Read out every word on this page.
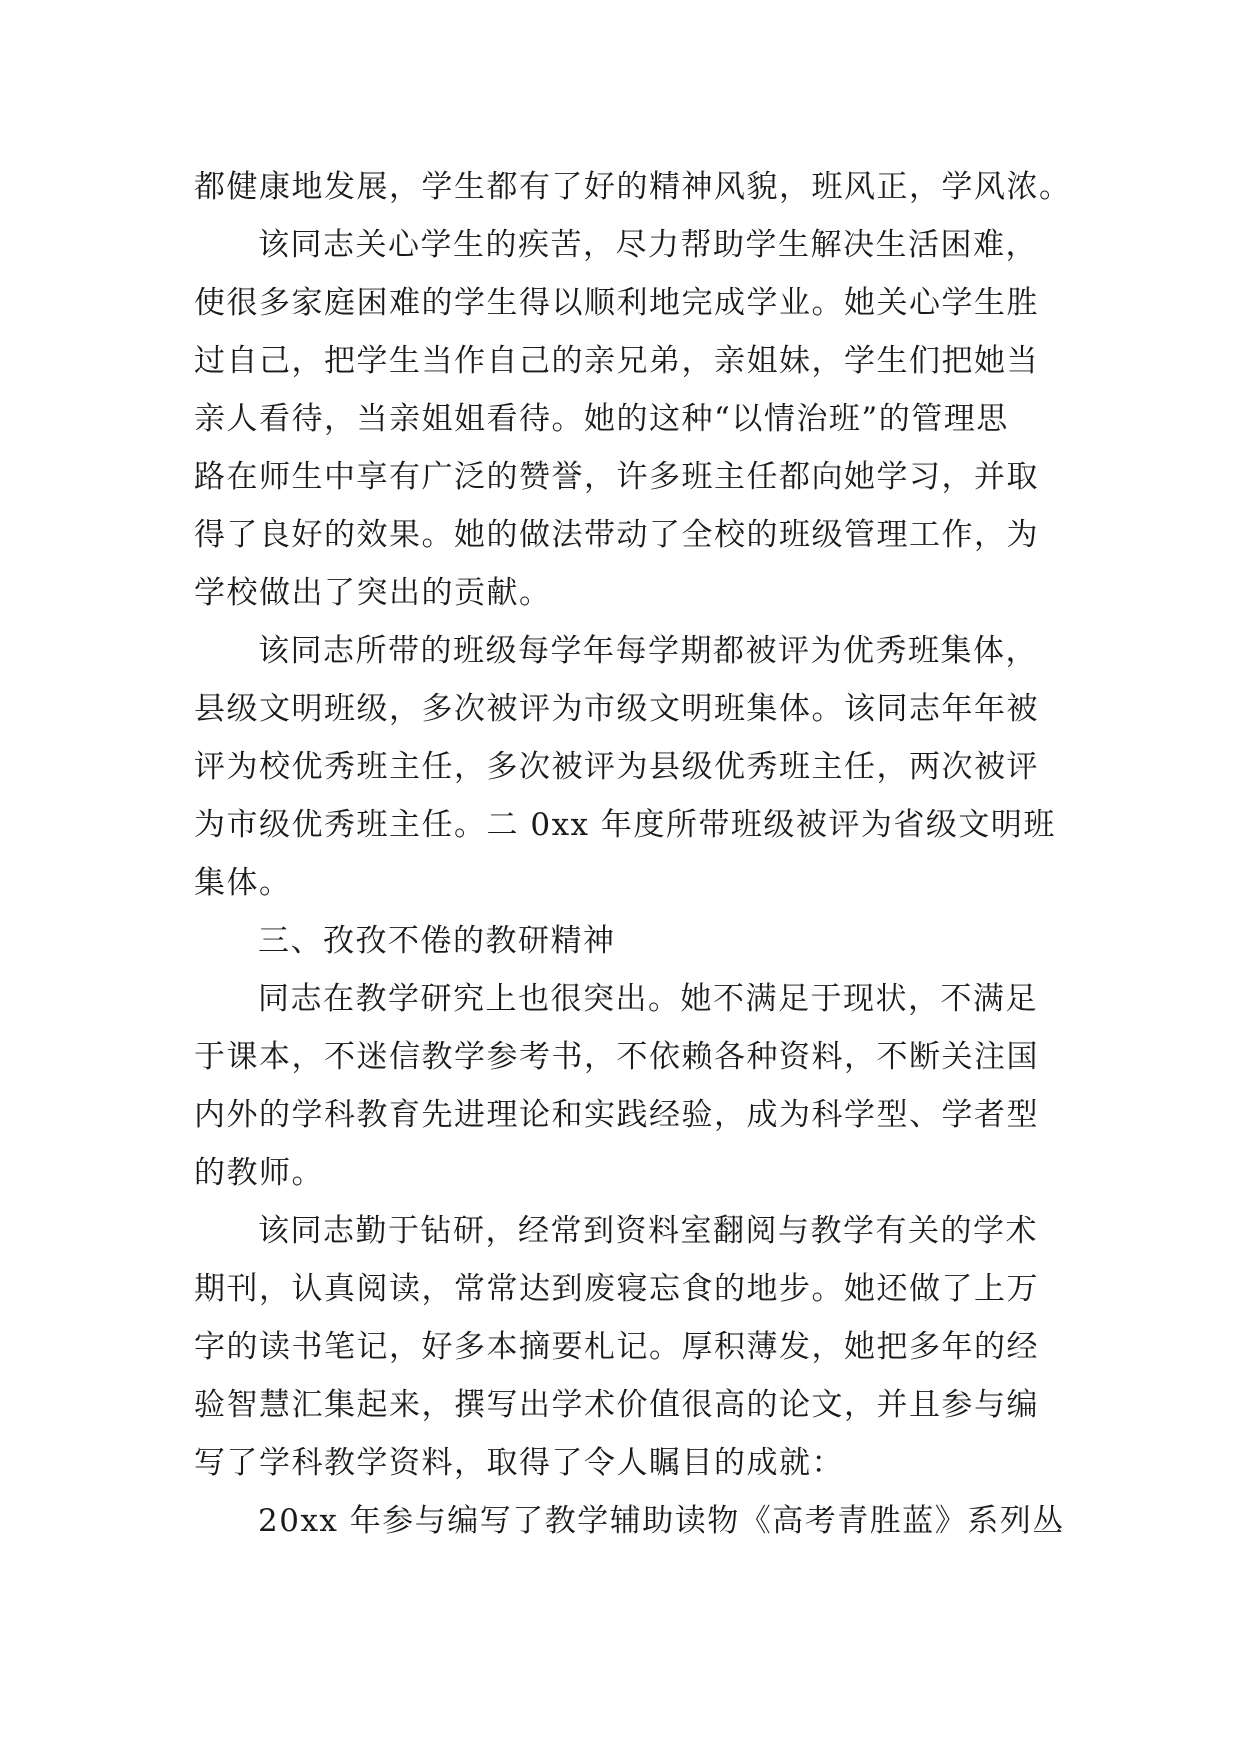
都健康地发展，学生都有了好的精神风貌，班风正，学风浓。
该同志关心学生的疾苦，尽力帮助学生解决生活困难，
使很多家庭困难的学生得以顺利地完成学业。她关心学生胜
过自己，把学生当作自己的亲兄弟，亲姐妹，学生们把她当
亲人看待，当亲姐姐看待。她的这种“以情治班”的管理思
路在师生中享有广泛的赞誉，许多班主任都向她学习，并取
得了良好的效果。她的做法带动了全校的班级管理工作，为
学校做出了突出的贡献。
该同志所带的班级每学年每学期都被评为优秀班集体，
县级文明班级，多次被评为市级文明班集体。该同志年年被
评为校优秀班主任，多次被评为县级优秀班主任，两次被评
为市级优秀班主任。二 0xx 年度所带班级被评为省级文明班
集体。
三、孜孜不倦的教研精神
同志在教学研究上也很突出。她不满足于现状，不满足
于课本，不迷信教学参考书，不依赖各种资料，不断关注国
内外的学科教育先进理论和实践经验，成为科学型、学者型
的教师。
该同志勤于钻研，经常到资料室翻阅与教学有关的学术
期刊，认真阅读，常常达到废寝忘食的地步。她还做了上万
字的读书笔记，好多本摘要札记。厚积薄发，她把多年的经
验智慧汇集起来，撰写出学术价值很高的论文，并且参与编
写了学科教学资料，取得了令人瞩目的成就：
20xx 年参与编写了教学辅助读物《高考青胜蓝》系列丛
